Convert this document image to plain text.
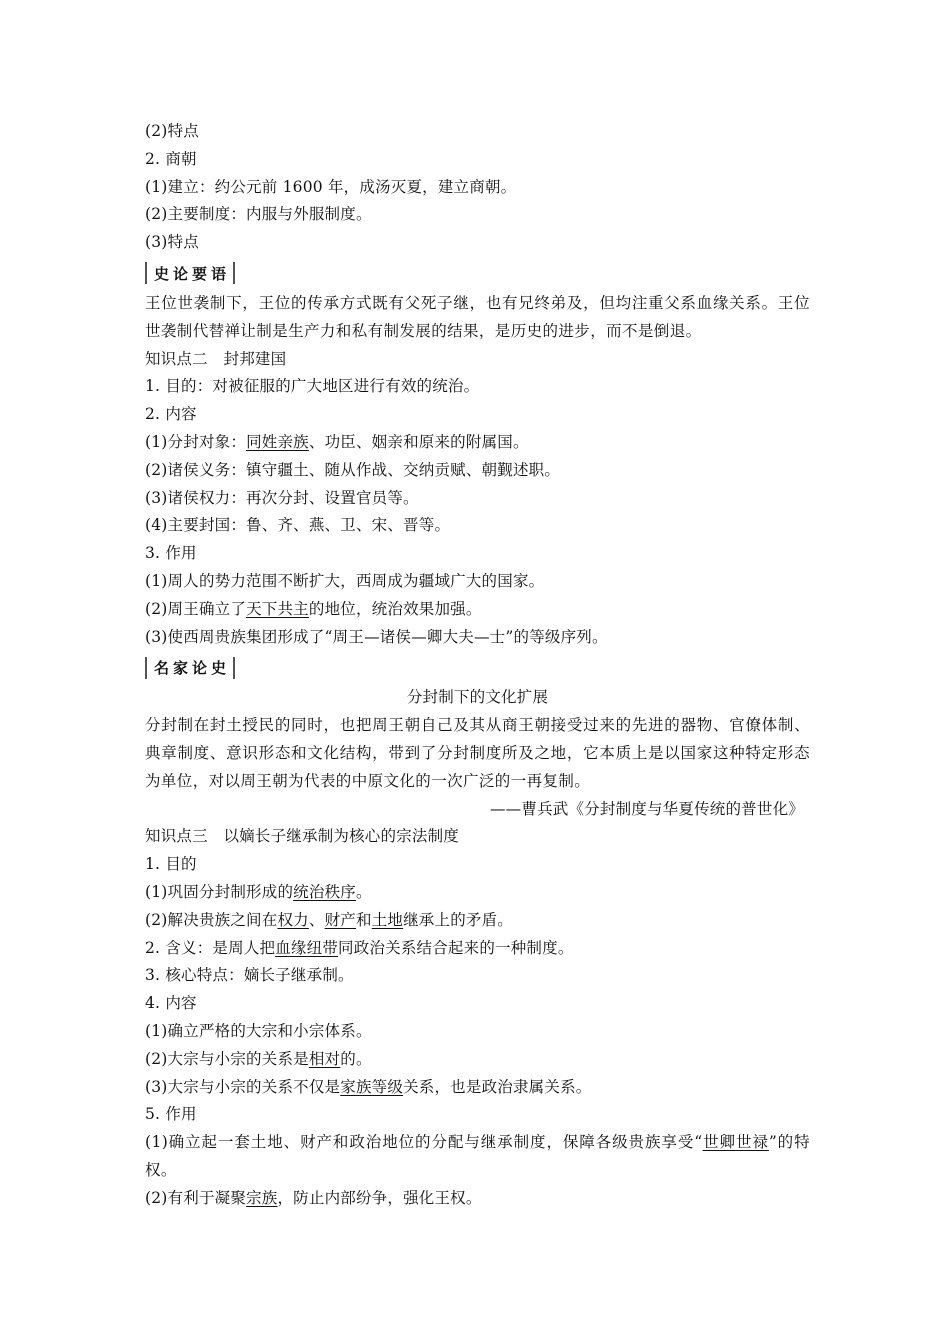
(2)特点
2. 商朝
(1)建立：约公元前 1600 年，成汤灭夏，建立商朝。
(2)主要制度：内服与外服制度。
(3)特点
史论要语
王位世袭制下，王位的传承方式既有父死子继，也有兄终弟及，但均注重父系血缘关系。王位世袭制代替禅让制是生产力和私有制发展的结果，是历史的进步，而不是倒退。
知识点二　封邦建国
1. 目的：对被征服的广大地区进行有效的统治。
2. 内容
(1)分封对象：同姓亲族、功臣、姻亲和原来的附属国。
(2)诸侯义务：镇守疆土、随从作战、交纳贡赋、朝觐述职。
(3)诸侯权力：再次分封、设置官员等。
(4)主要封国：鲁、齐、燕、卫、宋、晋等。
3. 作用
(1)周人的势力范围不断扩大，西周成为疆域广大的国家。
(2)周王确立了天下共主的地位，统治效果加强。
(3)使西周贵族集团形成了“周王—诸侯—卿大夫—士”的等级序列。
名家论史
分封制下的文化扩展
分封制在封土授民的同时，也把周王朝自己及其从商王朝接受过来的先进的器物、官僚体制、典章制度、意识形态和文化结构，带到了分封制度所及之地，它本质上是以国家这种特定形态为单位，对以周王朝为代表的中原文化的一次广泛的一再复制。
——曹兵武《分封制度与华夏传统的普世化》
知识点三　以嫡长子继承制为核心的宗法制度
1. 目的
(1)巩固分封制形成的统治秩序。
(2)解决贵族之间在权力、财产和土地继承上的矛盾。
2. 含义：是周人把血缘纽带同政治关系结合起来的一种制度。
3. 核心特点：嫡长子继承制。
4. 内容
(1)确立严格的大宗和小宗体系。
(2)大宗与小宗的关系是相对的。
(3)大宗与小宗的关系不仅是家族等级关系，也是政治隶属关系。
5. 作用
(1)确立起一套土地、财产和政治地位的分配与继承制度，保障各级贵族享受“世卿世禄”的特权。
(2)有利于凝聚宗族，防止内部纷争，强化王权。
